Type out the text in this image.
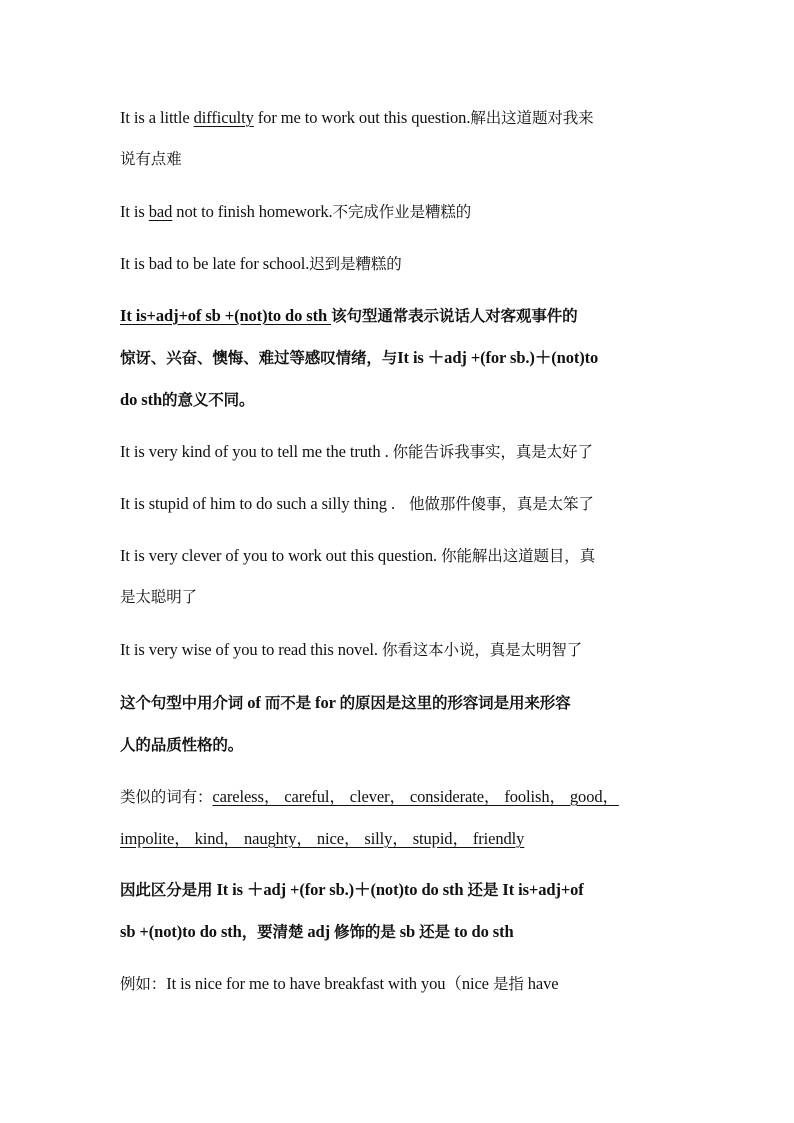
It is a little difficulty for me to work out this question.解出这道题对我来
说有点难
It is bad not to finish homework.不完成作业是糟糕的
It is bad to be late for school.迟到是糟糕的
It is+adj+of sb +(not)to do sth 该句型通常表示说话人对客观事件的
惊讶、兴奋、懊悔、难过等感叹情绪，与It is ＋adj +(for sb.)＋(not)to
do sth的意义不同。
It is very kind of you to tell me the truth . 你能告诉我事实，真是太好了
It is stupid of him to do such a silly thing . 他做那件傻事，真是太笨了
It is very clever of you to work out this question. 你能解出这道题目，真
是太聪明了
It is very wise of you to read this novel. 你看这本小说，真是太明智了
这个句型中用介词 of 而不是 for 的原因是这里的形容词是用来形容
人的品质性格的。
类似的词有：careless， careful， clever， considerate， foolish， good，
impolite， kind， naughty， nice， silly， stupid， friendly
因此区分是用 It is ＋adj +(for sb.)＋(not)to do sth 还是 It is+adj+of
sb +(not)to do sth，要清楚 adj 修饰的是 sb 还是 to do sth
例如：It is nice for me to have breakfast with you（nice 是指 have
